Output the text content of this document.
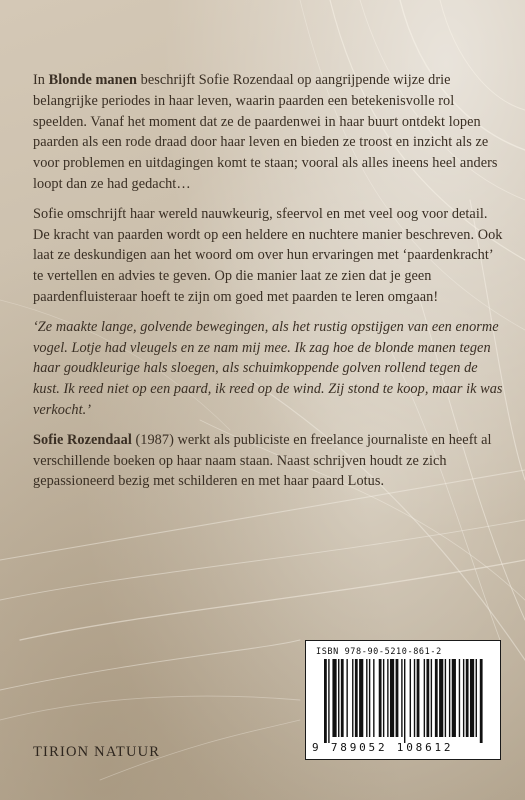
In Blonde manen beschrijft Sofie Rozendaal op aangrijpende wijze drie belangrijke periodes in haar leven, waarin paarden een betekenisvolle rol speelden. Vanaf het moment dat ze de paardenwei in haar buurt ontdekt lopen paarden als een rode draad door haar leven en bieden ze troost en inzicht als ze voor problemen en uitdagingen komt te staan; vooral als alles ineens heel anders loopt dan ze had gedacht…

Sofie omschrijft haar wereld nauwkeurig, sfeervol en met veel oog voor detail. De kracht van paarden wordt op een heldere en nuchtere manier beschreven. Ook laat ze deskundigen aan het woord om over hun ervaringen met ‘paardenkracht’ te vertellen en advies te geven. Op die manier laat ze zien dat je geen paardenfluisteraar hoeft te zijn om goed met paarden te leren omgaan!

‘Ze maakte lange, golvende bewegingen, als het rustig opstijgen van een enorme vogel. Lotje had vleugels en ze nam mij mee. Ik zag hoe de blonde manen tegen haar goudkleurige hals sloegen, als schuimkoppende golven rollend tegen de kust. Ik reed niet op een paard, ik reed op de wind. Zij stond te koop, maar ik was verkocht.’

Sofie Rozendaal (1987) werkt als publiciste en freelance journaliste en heeft al verschillende boeken op haar naam staan. Naast schrijven houdt ze zich gepassioneerd bezig met schilderen en met haar paard Lotus.

TIRION NATUUR
ISBN 978-90-5210-861-2
9 789052 108612
